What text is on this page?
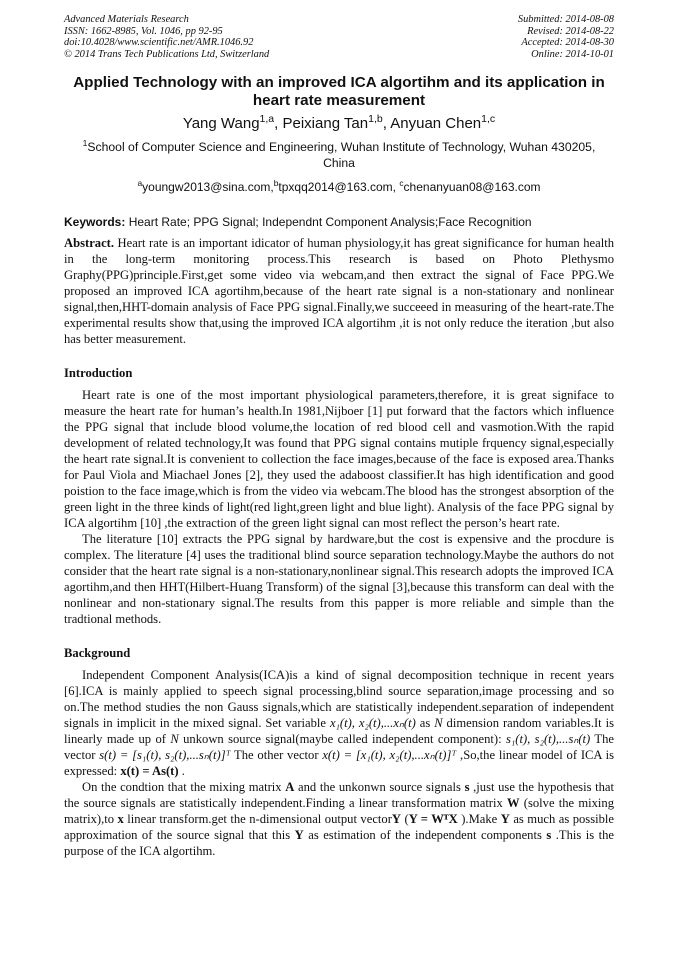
Advanced Materials Research
ISSN: 1662-8985, Vol. 1046, pp 92-95
doi:10.4028/www.scientific.net/AMR.1046.92
© 2014 Trans Tech Publications Ltd, Switzerland
Submitted: 2014-08-08
Revised: 2014-08-22
Accepted: 2014-08-30
Online: 2014-10-01
Applied Technology with an improved ICA algortihm and its application in heart rate measurement
Yang Wang$^{1,a}$, Peixiang Tan$^{1,b}$, Anyuan Chen$^{1,c}$
$^1$School of Computer Science and Engineering, Wuhan Institute of Technology, Wuhan 430205, China
$^a$youngw2013@sina.com,$^b$tpxqq2014@163.com, $^c$chenanyuan08@163.com
Keywords: Heart Rate; PPG Signal; Independnt Component Analysis;Face Recognition

Abstract. Heart rate is an important idicator of human physiology,it has great significance for human health in the long-term monitoring process.This research is based on Photo Plethysmo Graphy(PPG)principle.First,get some video via webcam,and then extract the signal of Face PPG.We proposed an improved ICA agortihm,because of the heart rate signal is a non-stationary and nonlinear signal,then,HHT-domain analysis of Face PPG signal.Finally,we succeeed in measuring of the heart-rate.The experimental results show that,using the improved ICA algortihm ,it is not only reduce the iteration ,but also has better measurement.

Introduction

Heart rate is one of the most important physiological parameters,therefore, it is great signiface to measure the heart rate for human’s health.In 1981,Nijboer [1] put forward that the factors which influence the PPG signal that include blood volume,the location of red blood cell and vasmotion.With the rapid development of related technology,It was found that PPG signal contains mutiple frquency signal,especially the heart rate signal.It is convenient to collection the face images,because of the face is exposed area.Thanks for Paul Viola and Miachael Jones [2], they used the adaboost classifier.It has high identification and good poistion to the face image,which is from the video via webcam.The blood has the strongest absorption of the green light in the three kinds of light(red light,green light and blue light). Analysis of the face PPG signal by ICA algortihm [10] ,the extraction of the green light signal can most reflect the person’s heart rate.

The literature [10] extracts the PPG signal by hardware,but the cost is expensive and the procdure is complex. The literature [4] uses the traditional blind source separation technology.Maybe the authors do not consider that the heart rate signal is a non-stationary,nonlinear signal.This research adopts the improved ICA agortihm,and then HHT(Hilbert-Huang Transform) of the signal [3],because this transform can deal with the nonlinear and non-stationary signal.The results from this papper is more reliable and simple than the tradtional methods.

Background

Independent Component Analysis(ICA)is a kind of signal decomposition technique in recent years [6].ICA is mainly applied to speech signal processing,blind source separation,image processing and so on.The method studies the non Gauss signals,which are statistically independent.separation of independent signals in implicit in the mixed signal. Set variable x₁(t), x₂(t),...xₙ(t) as N dimension random variables.It is linearly made up of N unkown source signal(maybe called independent component): s₁(t), s₂(t),...sₙ(t) The vector s(t) = [s₁(t), s₂(t),...sₙ(t)]ᵀ The other vector x(t) = [x₁(t), x₂(t),...xₙ(t)]ᵀ ,So,the linear model of ICA is expressed: x(t) = As(t) .

On the condtion that the mixing matrix A and the unkonwn source signals s ,just use the hypothesis that the source signals are statistically independent.Finding a linear transformation matrix W (solve the mixing matrix),to x linear transform.get the n-dimensional output vectorY (Y = WᵀX ).Make Y as much as possible approximation of the source signal that this Y as estimation of the independent components s .This is the purpose of the ICA algortihm.
